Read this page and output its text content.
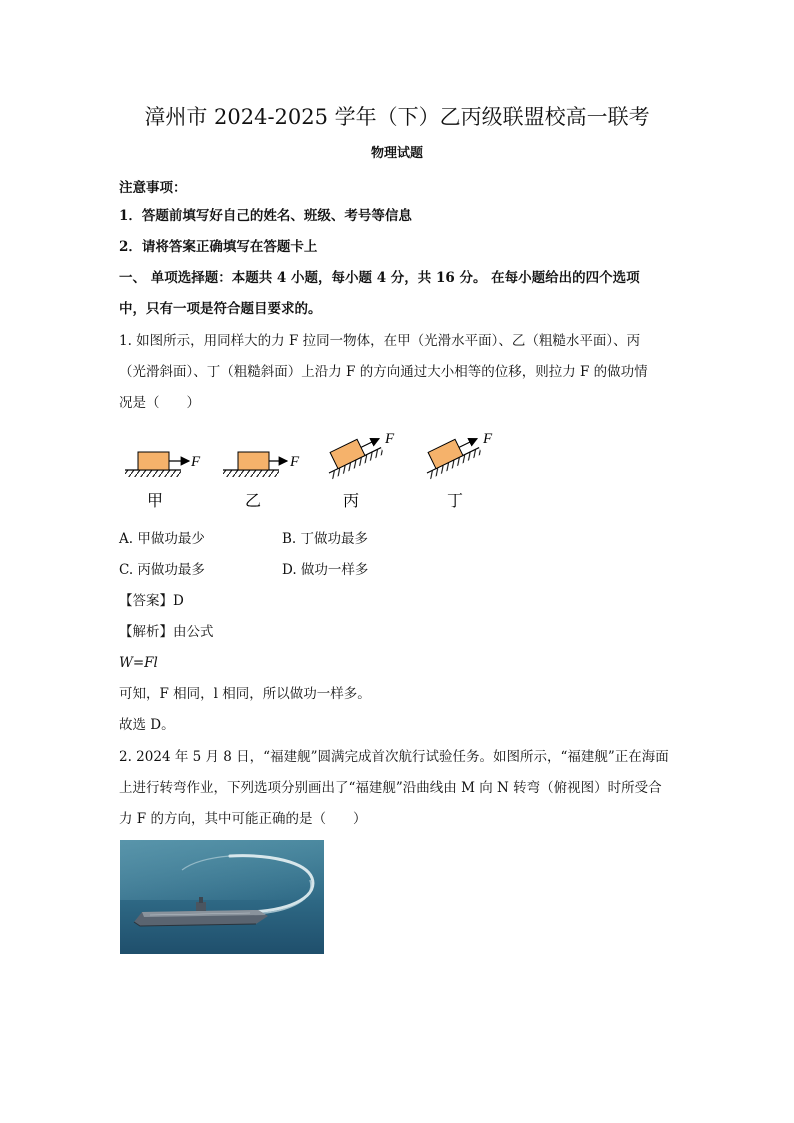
漳州市 2024-2025 学年（下）乙丙级联盟校高一联考
物理试题
注意事项：
1．答题前填写好自己的姓名、班级、考号等信息
2．请将答案正确填写在答题卡上
一、 单项选择题：本题共 4 小题，每小题 4 分，共 16 分。 在每小题给出的四个选项
中，只有一项是符合题目要求的。
1. 如图所示，用同样大的力 F 拉同一物体，在甲（光滑水平面）、乙（粗糙水平面）、丙
（光滑斜面）、丁（粗糙斜面）上沿力 F 的方向通过大小相等的位移，则拉力 F 的做功情
况是（　　）
F
甲
F
乙
F
丙
F
丁
A. 甲做功最少	B. 丁做功最多
C. 丙做功最多	D. 做功一样多
【答案】D
【解析】由公式
W=Fl
可知，F 相同，l 相同，所以做功一样多。
故选 D。
2. 2024 年 5 月 8 日，“福建舰”圆满完成首次航行试验任务。如图所示，“福建舰”正在海面
上进行转弯作业，下列选项分别画出了“福建舰”沿曲线由 M 向 N 转弯（俯视图）时所受合
力 F 的方向，其中可能正确的是（　　）
